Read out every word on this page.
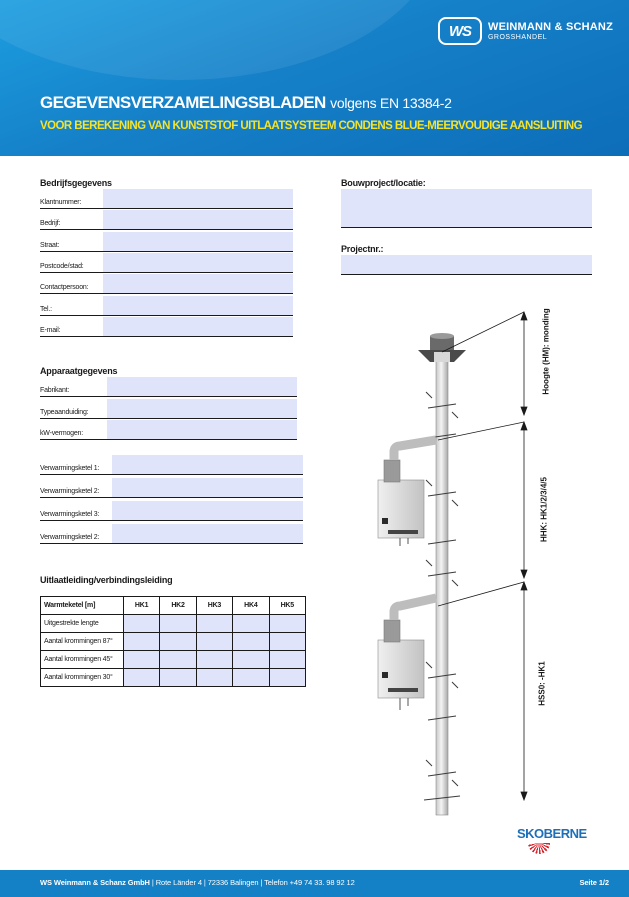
WS	WEINMANN & SCHANZ
GROSSHANDEL
GEGEVENSVERZAMELINGSBLADEN volgens EN 13384-2
VOOR BEREKENING VAN KUNSTSTOF UITLAATSYSTEEM CONDENS BLUE-MEERVOUDIGE AANSLUITING
Bedrijfsgegevens
Klantnummer:
Bedrijf:
Straat:
Postcode/stad:
Contactpersoon:
Tel.:
E-mail:
Bouwproject/locatie:
Projectnr.:
Apparaatgegevens
Fabrikant:
Typeaanduiding:
kW-vermogen:
Verwarmingsketel 1:
Verwarmingsketel 2:
Verwarmingsketel 3:
Verwarmingsketel 2:
Uitlaatleiding/verbindingsleiding
Warmteketel [m]	HK1	HK2	HK3	HK4	HK5
Uitgestrekte lengte					
Aantal krommingen 87°					
Aantal krommingen 45°					
Aantal krommingen 30°					
Hoogte (HM): monding
HHK: HK1/2/3/4/5
HSS0: -HK1
SKOBERNE
WS Weinmann & Schanz GmbH | Rote Länder 4 | 72336 Balingen | Telefon +49 74 33. 98 92 12	Seite 1/2
